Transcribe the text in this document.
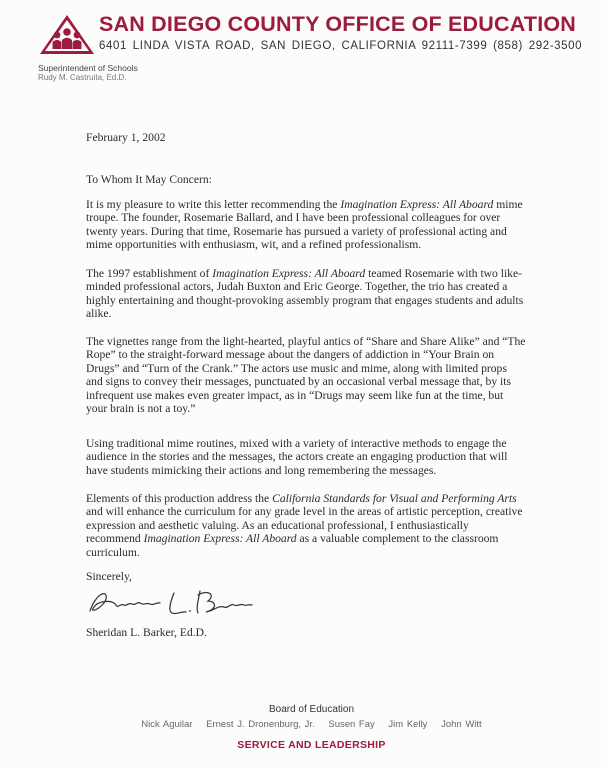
SAN DIEGO COUNTY OFFICE OF EDUCATION
6401 LINDA VISTA ROAD, SAN DIEGO, CALIFORNIA 92111-7399 (858) 292-3500
Superintendent of Schools
Rudy M. Castruita, Ed.D.
February 1, 2002
To Whom It May Concern:
It is my pleasure to write this letter recommending the Imagination Express: All Aboard mime troupe. The founder, Rosemarie Ballard, and I have been professional colleagues for over twenty years. During that time, Rosemarie has pursued a variety of professional acting and mime opportunities with enthusiasm, wit, and a refined professionalism.
The 1997 establishment of Imagination Express: All Aboard teamed Rosemarie with two like-minded professional actors, Judah Buxton and Eric George. Together, the trio has created a highly entertaining and thought-provoking assembly program that engages students and adults alike.
The vignettes range from the light-hearted, playful antics of “Share and Share Alike” and “The Rope” to the straight-forward message about the dangers of addiction in “Your Brain on Drugs” and “Turn of the Crank.” The actors use music and mime, along with limited props and signs to convey their messages, punctuated by an occasional verbal message that, by its infrequent use makes even greater impact, as in “Drugs may seem like fun at the time, but your brain is not a toy.”
Using traditional mime routines, mixed with a variety of interactive methods to engage the audience in the stories and the messages, the actors create an engaging production that will have students mimicking their actions and long remembering the messages.
Elements of this production address the California Standards for Visual and Performing Arts and will enhance the curriculum for any grade level in the areas of artistic perception, creative expression and aesthetic valuing. As an educational professional, I enthusiastically recommend Imagination Express: All Aboard as a valuable complement to the classroom curriculum.
Sincerely,
Sheridan L. Barker, Ed.D.
Board of Education
Nick Aguilar Ernest J. Dronenburg, Jr. Susen Fay Jim Kelly John Witt
SERVICE AND LEADERSHIP
